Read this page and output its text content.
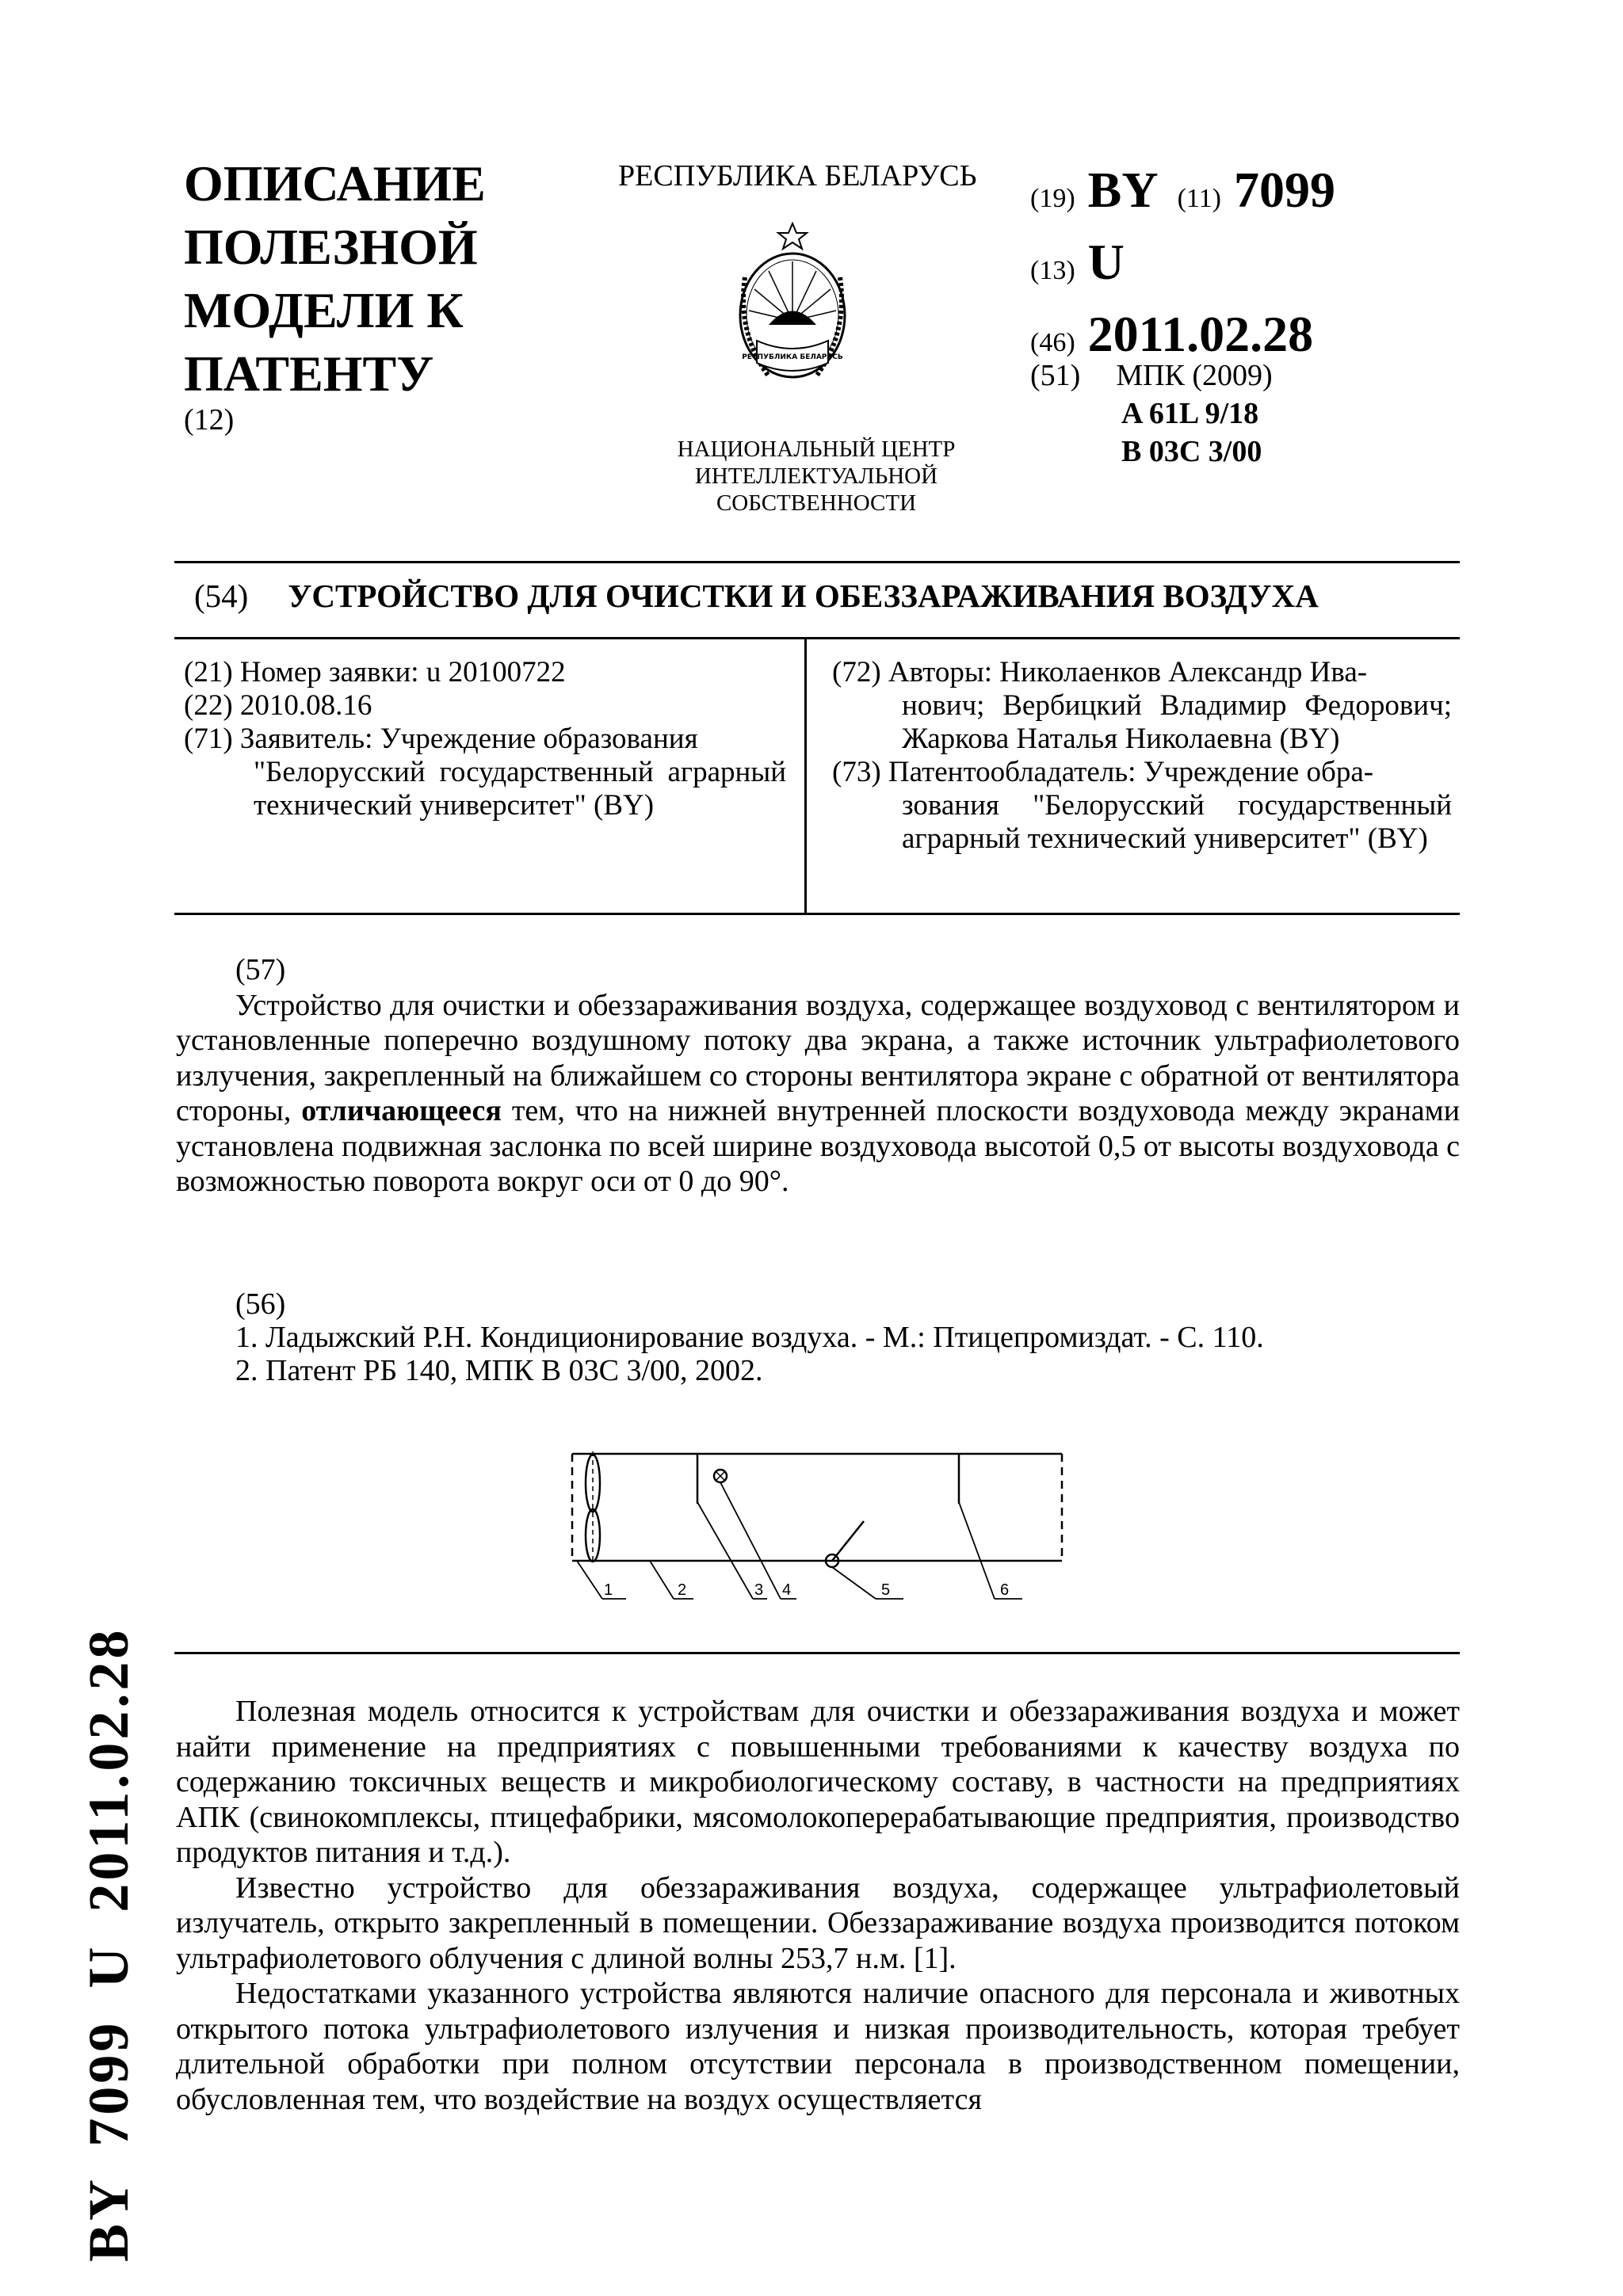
ОПИСАНИЕ
ПОЛЕЗНОЙ
МОДЕЛИ К
ПАТЕНТУ
(12)
РЕСПУБЛИКА БЕЛАРУСЬ
РЕСПУБЛИКА БЕЛАРУСЬ
НАЦИОНАЛЬНЫЙ ЦЕНТР
ИНТЕЛЛЕКТУАЛЬНОЙ
СОБСТВЕННОСТИ
(19) BY (11) 7099
(13) U
(46) 2011.02.28
(51) МПК (2009)
A 61L 9/18
B 03C 3/00
(54) УСТРОЙСТВО ДЛЯ ОЧИСТКИ И ОБЕЗЗАРАЖИВАНИЯ ВОЗДУХА
(21) Номер заявки: u 20100722
(22) 2010.08.16
(71) Заявитель: Учреждение образования
"Белорусский государственный аграрный технический университет" (BY)
(72) Авторы: Николаенков Александр Ива-
нович; Вербицкий Владимир Федорович; Жаркова Наталья Николаевна (BY)
(73) Патентообладатель: Учреждение обра-
зования "Белорусский государственный аграрный технический университет" (BY)

(57)

Устройство для очистки и обеззараживания воздуха, содержащее воздуховод с вентилятором и установленные поперечно воздушному потоку два экрана, а также источник ультрафиолетового излучения, закрепленный на ближайшем со стороны вентилятора экране с обратной от вентилятора стороны, отличающееся тем, что на нижней внутренней плоскости воздуховода между экранами установлена подвижная заслонка по всей ширине воздуховода высотой 0,5 от высоты воздуховода с возможностью поворота вокруг оси от 0 до 90°.

(56)
1. Ладыжский Р.Н. Кондиционирование воздуха. - М.: Птицепромиздат. - С. 110.
2. Патент РБ 140, МПК B 03C 3/00, 2002.
1	2	3 4	5	6

Полезная модель относится к устройствам для очистки и обеззараживания воздуха и может найти применение на предприятиях с повышенными требованиями к качеству воздуха по содержанию токсичных веществ и микробиологическому составу, в частности на предприятиях АПК (свинокомплексы, птицефабрики, мясомолокоперерабатывающие предприятия, производство продуктов питания и т.д.).

Известно устройство для обеззараживания воздуха, содержащее ультрафиолетовый излучатель, открыто закрепленный в помещении. Обеззараживание воздуха производится потоком ультрафиолетового облучения с длиной волны 253,7 н.м. [1].

Недостатками указанного устройства являются наличие опасного для персонала и животных открытого потока ультрафиолетового излучения и низкая производительность, которая требует длительной обработки при полном отсутствии персонала в производственном помещении, обусловленная тем, что воздействие на воздух осуществляется

BY 7099 U 2011.02.28
